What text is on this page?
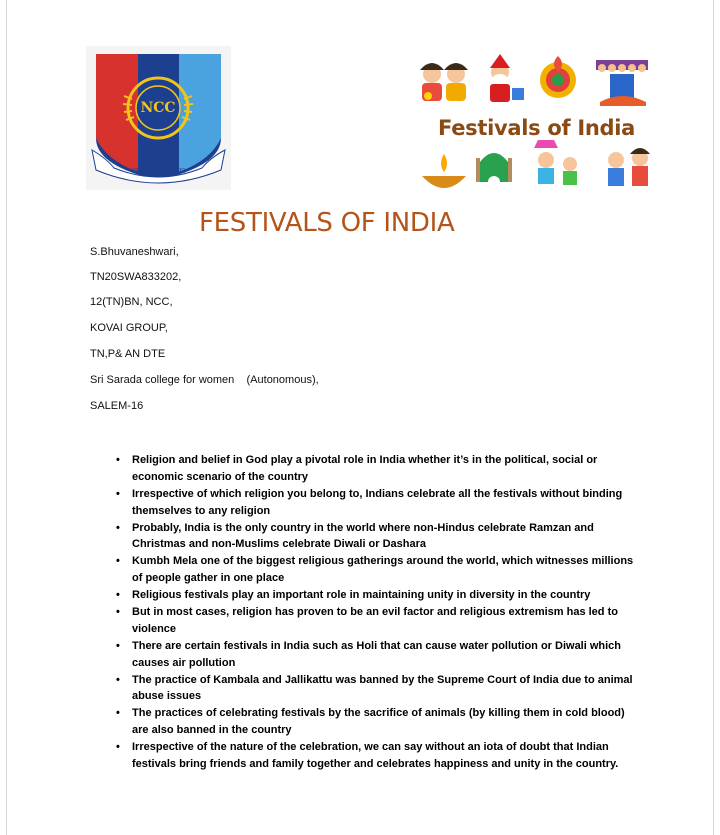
NCC
एकता और अनुशासन
Festivals of India
FESTIVALS OF INDIA
S.Bhuvaneshwari,
TN20SWA833202,
12(TN)BN, NCC,
KOVAI GROUP,
TN,P& AN DTE
Sri Sarada college for women    (Autonomous),
SALEM-16
• Religion and belief in God play a pivotal role in India whether it’s in the political, social or economic scenario of the country
• Irrespective of which religion you belong to, Indians celebrate all the festivals without binding themselves to any religion
• Probably, India is the only country in the world where non-Hindus celebrate Ramzan and Christmas and non-Muslims celebrate Diwali or Dashara
• Kumbh Mela one of the biggest religious gatherings around the world, which witnesses millions of people gather in one place
• Religious festivals play an important role in maintaining unity in diversity in the country
• But in most cases, religion has proven to be an evil factor and religious extremism has led to violence
• There are certain festivals in India such as Holi that can cause water pollution or Diwali which causes air pollution
• The practice of Kambala and Jallikattu was banned by the Supreme Court of India due to animal abuse issues
• The practices of celebrating festivals by the sacrifice of animals (by killing them in cold blood) are also banned in the country
• Irrespective of the nature of the celebration, we can say without an iota of doubt that Indian festivals bring friends and family together and celebrates happiness and unity in the country.
